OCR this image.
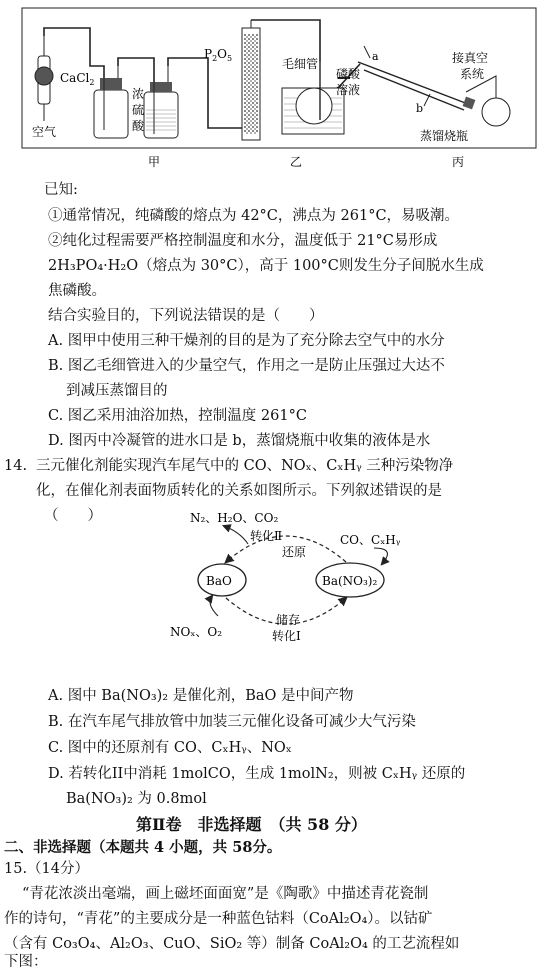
CaCl$_2$
空气
浓
硫
酸
$P_2O_5$	毛细管
磷酸
溶液
a
b
接真空
系统
蒸馏烧瓶
甲	乙	丙
已知:
①通常情况，纯磷酸的熔点为 42°C，沸点为 261°C，易吸潮。
②纯化过程需要严格控制温度和水分，温度低于 21°C易形成
2H₃PO₄·H₂O（熔点为 30°C），高于 100°C则发生分子间脱水生成
焦磷酸。
结合实验目的，下列说法错误的是（　　）
A. 图甲中使用三种干燥剂的目的是为了充分除去空气中的水分
B. 图乙毛细管进入的少量空气，作用之一是防止压强过大达不
到减压蒸馏目的
C. 图乙采用油浴加热，控制温度 261°C
D. 图丙中冷凝管的进水口是 b，蒸馏烧瓶中收集的液体是水
14. 三元催化剂能实现汽车尾气中的 CO、NOₓ、CₓHᵧ 三种污染物净
化，在催化剂表面物质转化的关系如图所示。下列叙述错误的是
（　　）	N₂、H₂O、CO₂
转化Ⅱ
还原
CO、CₓHᵧ
BaO	Ba(NO₃)₂
NOₓ、O₂
储存
转化Ⅰ
A. 图中 Ba(NO₃)₂ 是催化剂，BaO 是中间产物
B. 在汽车尾气排放管中加装三元催化设备可减少大气污染
C. 图中的还原剂有 CO、CₓHᵧ、NOₓ
D. 若转化II中消耗 1molCO，生成 1molN₂，则被 CₓHᵧ 还原的
Ba(NO₃)₂ 为 0.8mol
第Ⅱ卷　非选择题　（共 58 分）
二、非选择题（本题共 4 小题，共 58分。
15.（14分）
“青花浓淡出毫端，画上磁坯面面宽”是《陶歌》中描述青花瓷制
作的诗句，“青花”的主要成分是一种蓝色钴料（CoAl₂O₄）。以钴矿
（含有 Co₃O₄、Al₂O₃、CuO、SiO₂ 等）制备 CoAl₂O₄ 的工艺流程如
下图：
